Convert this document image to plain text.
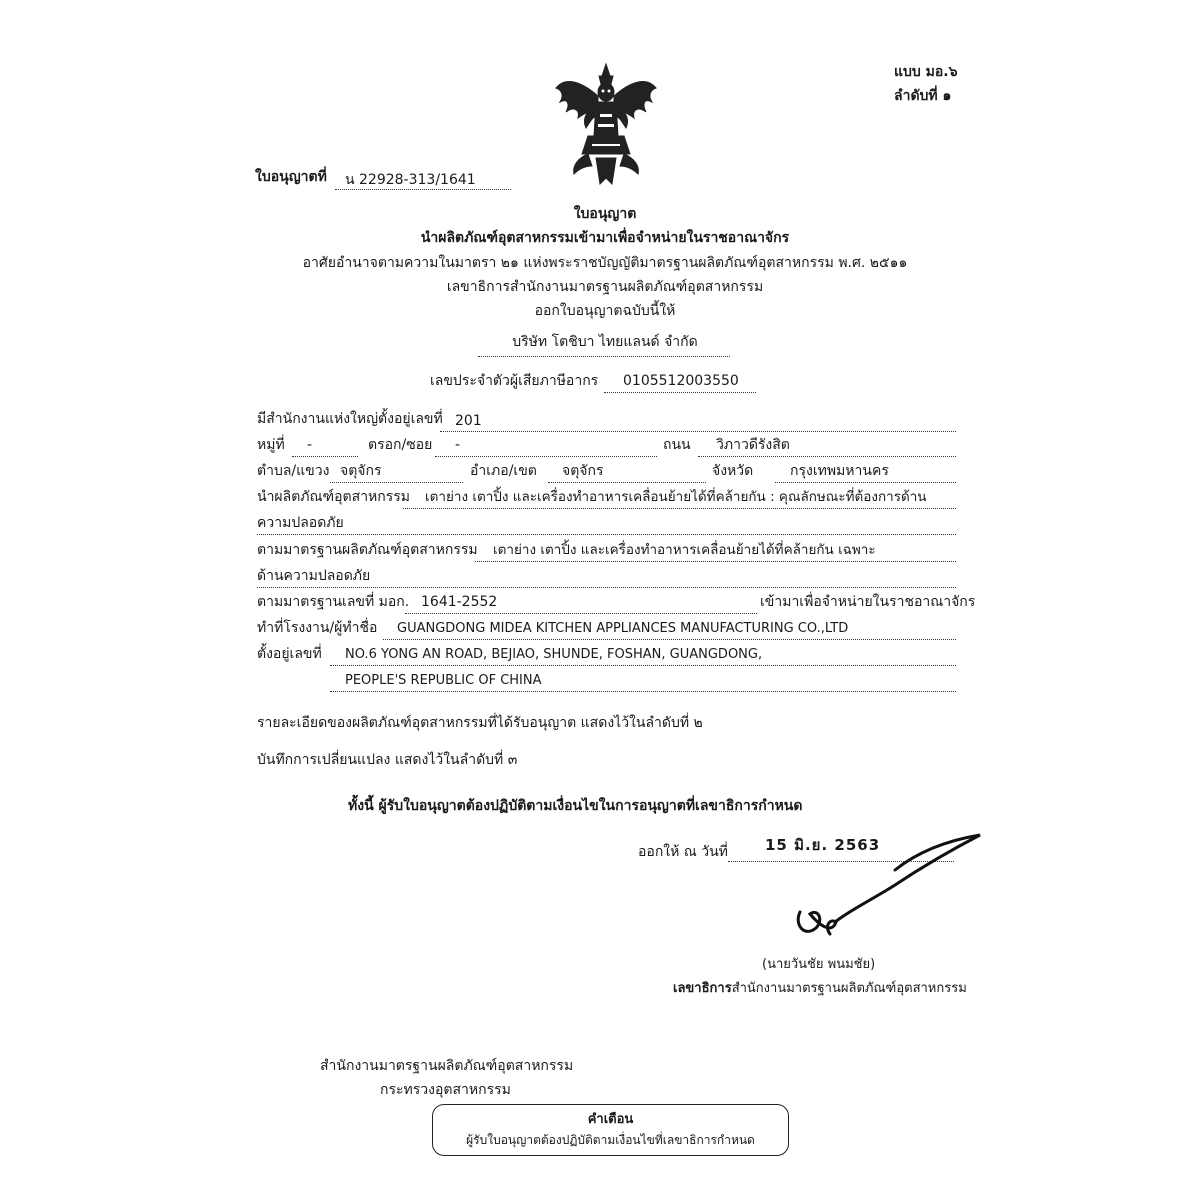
แบบ มอ.๖
ลำดับที่ ๑
ใบอนุญาตที่ น 22928-313/1641
ใบอนุญาต
นำผลิตภัณฑ์อุตสาหกรรมเข้ามาเพื่อจำหน่ายในราชอาณาจักร
อาศัยอำนาจตามความในมาตรา ๒๑ แห่งพระราชบัญญัติมาตรฐานผลิตภัณฑ์อุตสาหกรรม พ.ศ. ๒๕๑๑
เลขาธิการสำนักงานมาตรฐานผลิตภัณฑ์อุตสาหกรรม
ออกใบอนุญาตฉบับนี้ให้
บริษัท โตชิบา ไทยแลนด์ จำกัด
เลขประจำตัวผู้เสียภาษีอากร 0105512003550
มีสำนักงานแห่งใหญ่ตั้งอยู่เลขที่ 201
หมู่ที่ -	ตรอก/ซอย -	ถนน วิภาวดีรังสิต
ตำบล/แขวง จตุจักร	อำเภอ/เขต จตุจักร	จังหวัด	กรุงเทพมหานคร
นำผลิตภัณฑ์อุตสาหกรรม เตาย่าง เตาปิ้ง และเครื่องทำอาหารเคลื่อนย้ายได้ที่คล้ายกัน : คุณลักษณะที่ต้องการด้าน
ความปลอดภัย
ตามมาตรฐานผลิตภัณฑ์อุตสาหกรรม เตาย่าง เตาปิ้ง และเครื่องทำอาหารเคลื่อนย้ายได้ที่คล้ายกัน เฉพาะ
ด้านความปลอดภัย
ตามมาตรฐานเลขที่ มอก. 1641-2552	เข้ามาเพื่อจำหน่ายในราชอาณาจักร
ทำที่โรงงาน/ผู้ทำชื่อ GUANGDONG MIDEA KITCHEN APPLIANCES MANUFACTURING CO.,LTD
ตั้งอยู่เลขที่ NO.6 YONG AN ROAD, BEJIAO, SHUNDE, FOSHAN, GUANGDONG,
PEOPLE'S REPUBLIC OF CHINA
รายละเอียดของผลิตภัณฑ์อุตสาหกรรมที่ได้รับอนุญาต แสดงไว้ในลำดับที่ ๒
บันทึกการเปลี่ยนแปลง แสดงไว้ในลำดับที่ ๓
ทั้งนี้ ผู้รับใบอนุญาตต้องปฏิบัติตามเงื่อนไขในการอนุญาตที่เลขาธิการกำหนด
ออกให้ ณ วันที่ 15 มิ.ย. 2563
(นายวันชัย พนมชัย)
เลขาธิการสำนักงานมาตรฐานผลิตภัณฑ์อุตสาหกรรม
สำนักงานมาตรฐานผลิตภัณฑ์อุตสาหกรรม
กระทรวงอุตสาหกรรม
คำเตือน
ผู้รับใบอนุญาตต้องปฏิบัติตามเงื่อนไขที่เลขาธิการกำหนด
